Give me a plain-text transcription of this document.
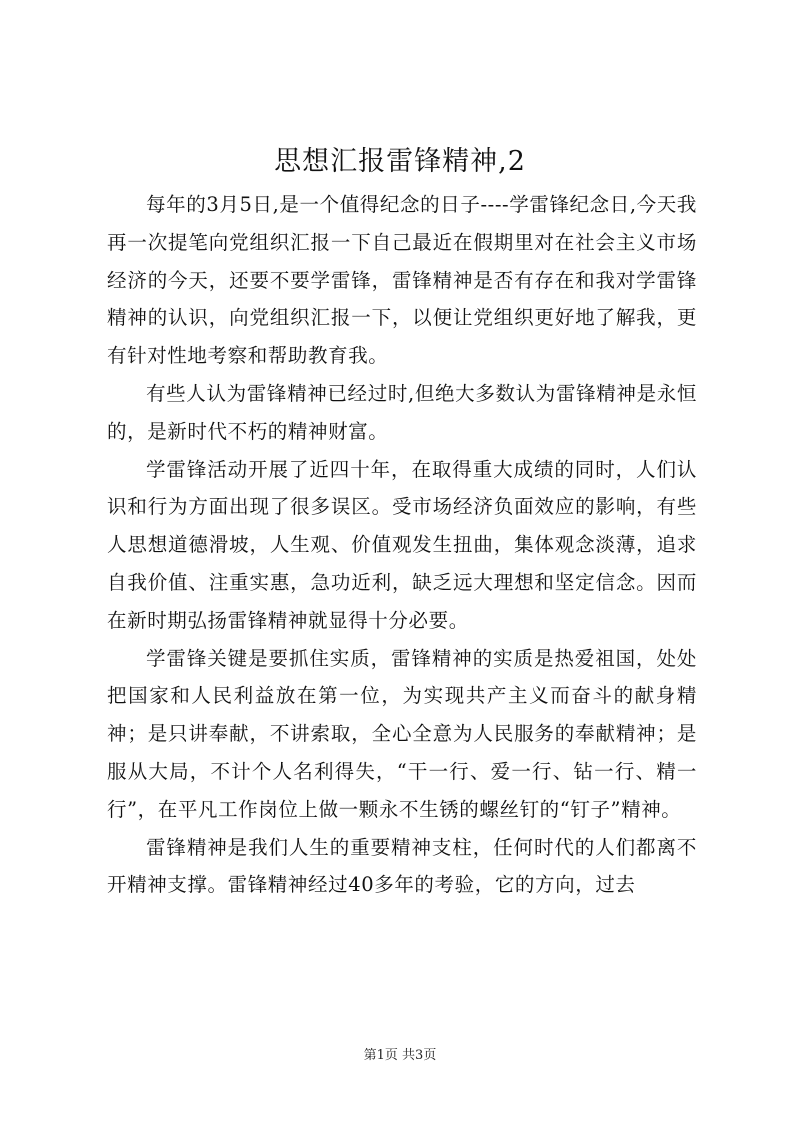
思想汇报雷锋精神,2

每年的3月5日,是一个值得纪念的日子----学雷锋纪念日,今天我再一次提笔向党组织汇报一下自己最近在假期里对在社会主义市场经济的今天，还要不要学雷锋，雷锋精神是否有存在和我对学雷锋精神的认识，向党组织汇报一下，以便让党组织更好地了解我，更有针对性地考察和帮助教育我。

有些人认为雷锋精神已经过时,但绝大多数认为雷锋精神是永恒的，是新时代不朽的精神财富。

学雷锋活动开展了近四十年，在取得重大成绩的同时，人们认识和行为方面出现了很多误区。受市场经济负面效应的影响，有些人思想道德滑坡，人生观、价值观发生扭曲，集体观念淡薄，追求自我价值、注重实惠，急功近利，缺乏远大理想和坚定信念。因而在新时期弘扬雷锋精神就显得十分必要。

学雷锋关键是要抓住实质，雷锋精神的实质是热爱祖国，处处把国家和人民利益放在第一位，为实现共产主义而奋斗的献身精神；是只讲奉献，不讲索取，全心全意为人民服务的奉献精神；是服从大局，不计个人名利得失，“干一行、爱一行、钻一行、精一行”，在平凡工作岗位上做一颗永不生锈的螺丝钉的“钉子”精神。

雷锋精神是我们人生的重要精神支柱，任何时代的人们都离不开精神支撑。雷锋精神经过40多年的考验，它的方向，过去

第1页 共3页
